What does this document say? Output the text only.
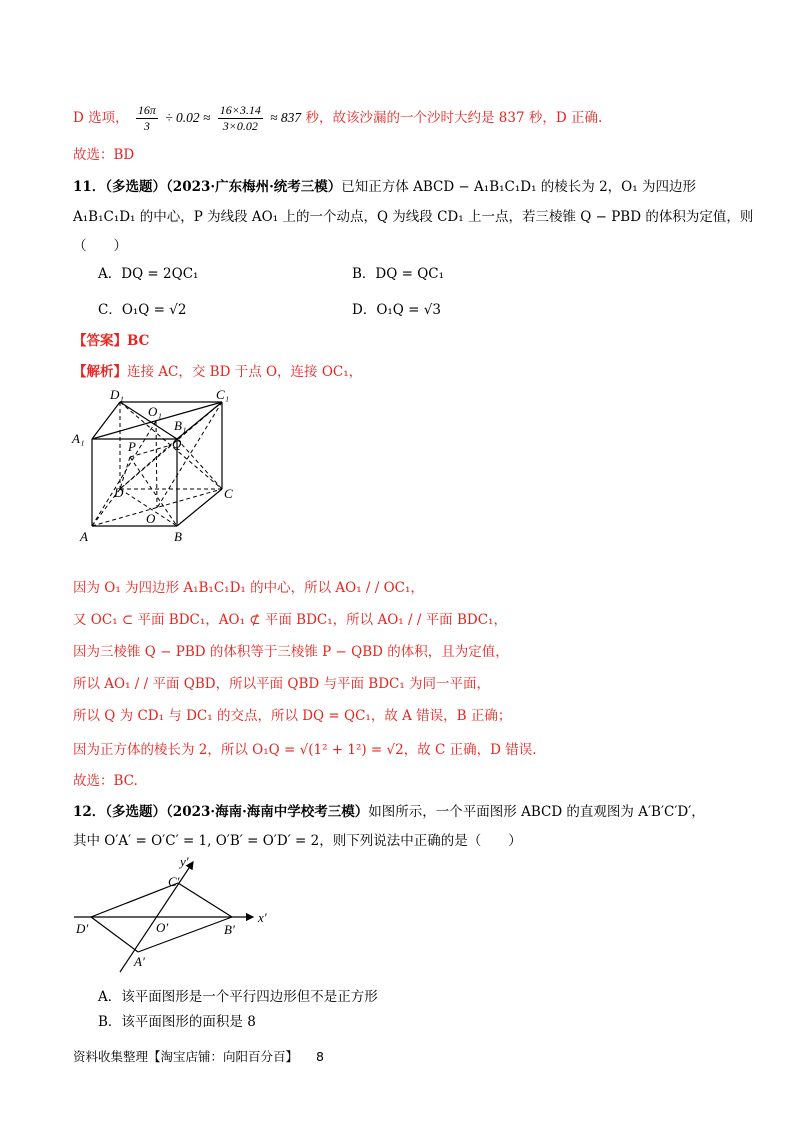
D 选项， $\frac{16\pi}{3} \div 0.02 \approx \frac{16\times 3.14}{3\times 0.02} \approx 837$ 秒，故该沙漏的一个沙时大约是 837 秒，D 正确.
故选：BD
11．（多选题）（2023·广东梅州·统考三模）已知正方体 ABCD − A₁B₁C₁D₁ 的棱长为 2，O₁ 为四边形
A₁B₁C₁D₁ 的中心，P 为线段 AO₁ 上的一个动点，Q 为线段 CD₁ 上一点，若三棱锥 Q − PBD 的体积为定值，则
（　　）
A．DQ = 2QC₁	B．DQ = QC₁
C．O₁Q = √2	D．O₁Q = √3
【答案】BC
【解析】连接 AC，交 BD 于点 O，连接 OC₁，
D₁	C₁
O₁
B₁
A₁	Q
P
D	C
O
A	B
因为 O₁ 为四边形 A₁B₁C₁D₁ 的中心，所以 AO₁ / / OC₁，
又 OC₁ ⊂ 平面 BDC₁，AO₁ ⊄ 平面 BDC₁，所以 AO₁ / / 平面 BDC₁，
因为三棱锥 Q − PBD 的体积等于三棱锥 P − QBD 的体积，且为定值，
所以 AO₁ / / 平面 QBD，所以平面 QBD 与平面 BDC₁ 为同一平面，
所以 Q 为 CD₁ 与 DC₁ 的交点，所以 DQ = QC₁，故 A 错误，B 正确；
因为正方体的棱长为 2，所以 O₁Q = √(1² + 1²) = √2，故 C 正确，D 错误.
故选：BC.
12．（多选题）（2023·海南·海南中学校考三模）如图所示，一个平面图形 ABCD 的直观图为 A′B′C′D′，
其中 O′A′ = O′C′ = 1, O′B′ = O′D′ = 2，则下列说法中正确的是（　　）
y′
x′
C′
D′	O′	B′
A′
A．该平面图形是一个平行四边形但不是正方形
B．该平面图形的面积是 8
资料收集整理【淘宝店铺：向阳百分百】 8
